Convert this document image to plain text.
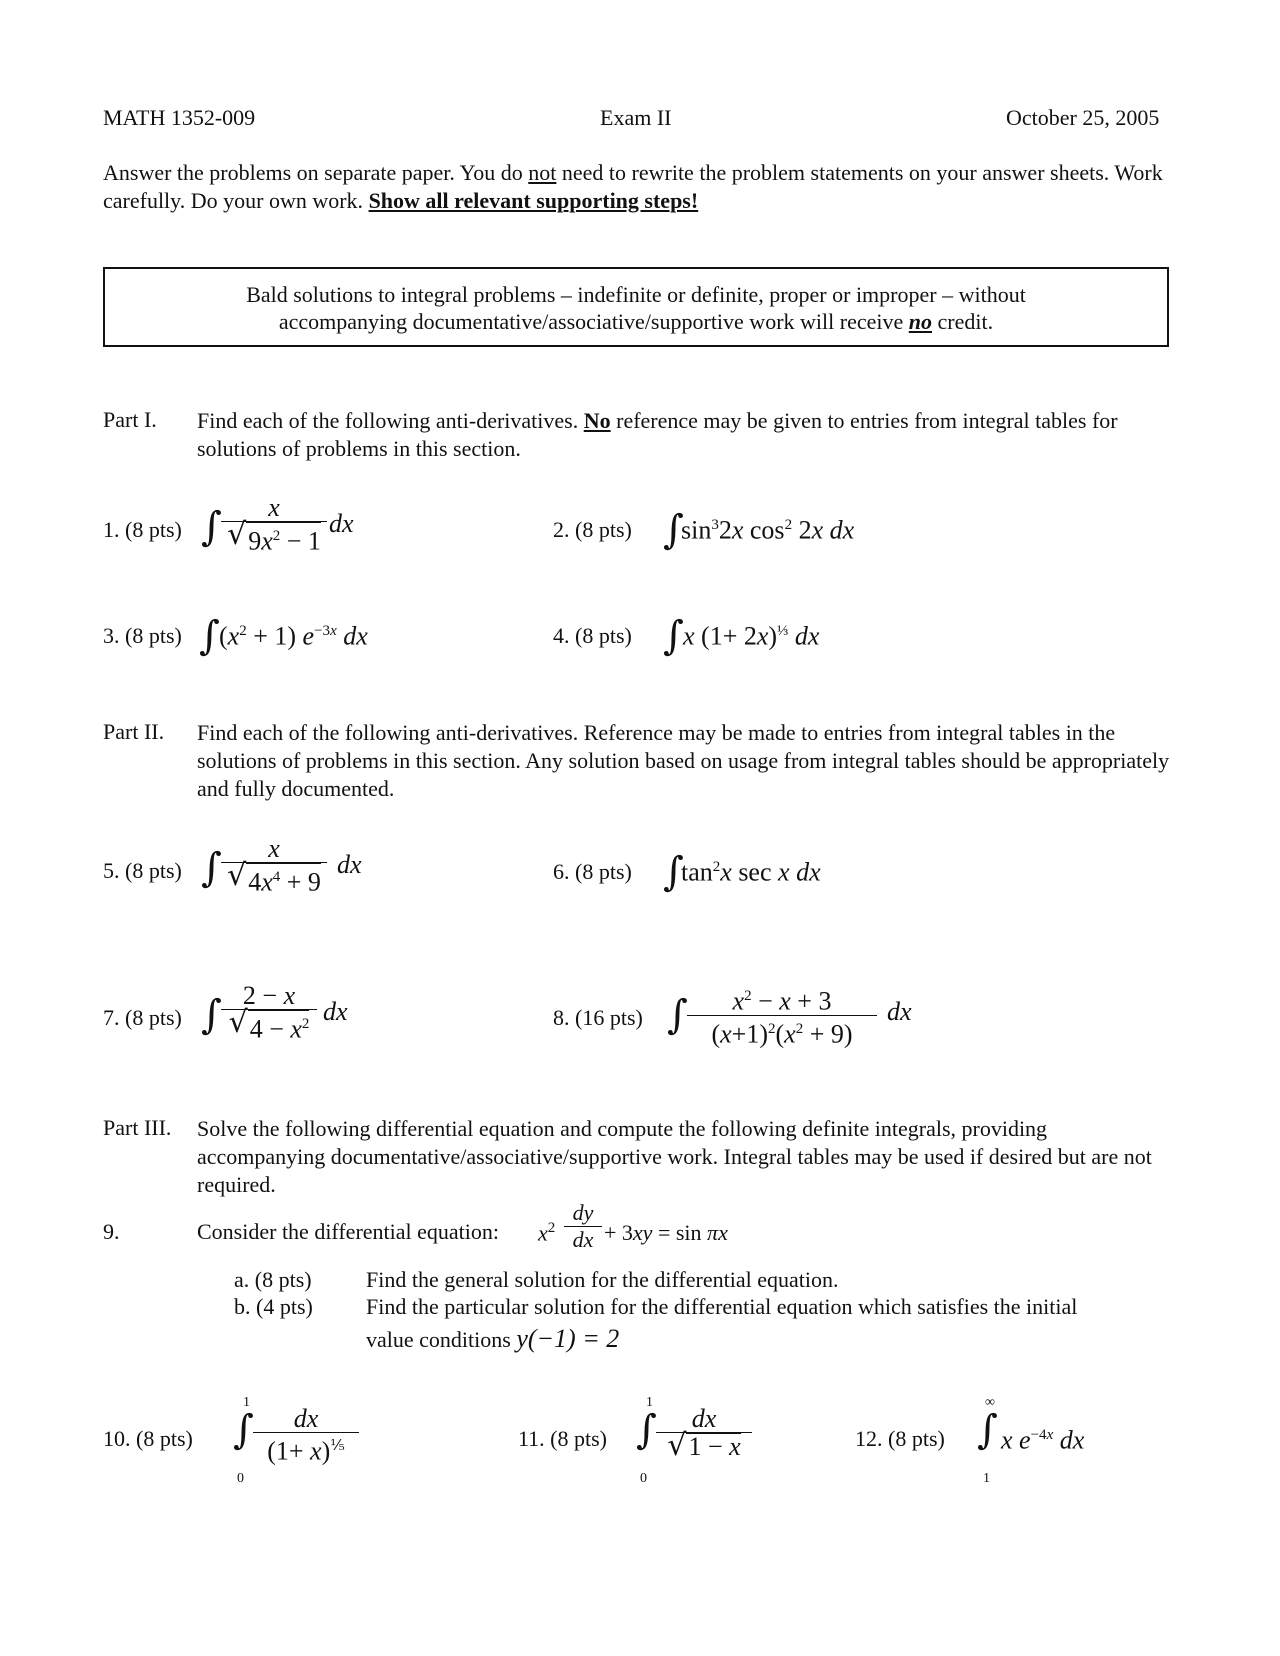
MATH 1352-009	Exam II	October 25, 2005
Answer the problems on separate paper. You do not need to rewrite the problem statements on your answer sheets. Work carefully. Do your own work. Show all relevant supporting steps!
Bald solutions to integral problems – indefinite or definite, proper or improper – without
accompanying documentative/associative/supportive work will receive no credit.
Part I. Find each of the following anti-derivatives. No reference may be given to entries from integral tables for solutions of problems in this section.
1. (8 pts) ∫ $\frac{x}{√9x^2 - 1}$ dx	2. (8 pts) ∫
$\sin^32x$ $\cos^2 2x$ dx
3. (8 pts) ∫ $(x^2 + 1)$ $e^{-3x}$ dx	4. (8 pts) ∫ x $(1+ 2x)^{\frac{1}{3}}$ dx
Part II. Find each of the following anti-derivatives. Reference may be made to entries from integral tables in the solutions of problems in this section. Any solution based on usage from integral tables should be appropriately and fully documented.
5. (8 pts) ∫ $\frac{x}{√4x^4 + 9}$ dx	6. (8 pts) ∫
$\tan^2x$ sec x dx
7. (8 pts) ∫ $\frac{2 - x}{√4 - x^2}$ dx	8. (16 pts) ∫ $\frac{x^2 - x + 3}{(x+1)^2(x^2 + 9)}$ dx
Part III. Solve the following differential equation and compute the following definite integrals, providing accompanying documentative/associative/supportive work. Integral tables may be used if desired but are not required.
9.	Consider the differential equation: $x^2 \frac{dy}{dx} + 3xy = \sin \pi x$
a. (8 pts) Find the general solution for the differential equation.
b. (4 pts) Find the particular solution for the differential equation which satisfies the initial
value conditions y(−1) = 2
10. (8 pts)
1
∫
0
$\frac{dx}{(1+ x)^{\frac{1}{5}}}$	11. (8 pts)
1
∫
0
$\frac{dx}{√1 - x}$	12. (8 pts)
∞
∫
1
x $e^{-4x}$ dx
